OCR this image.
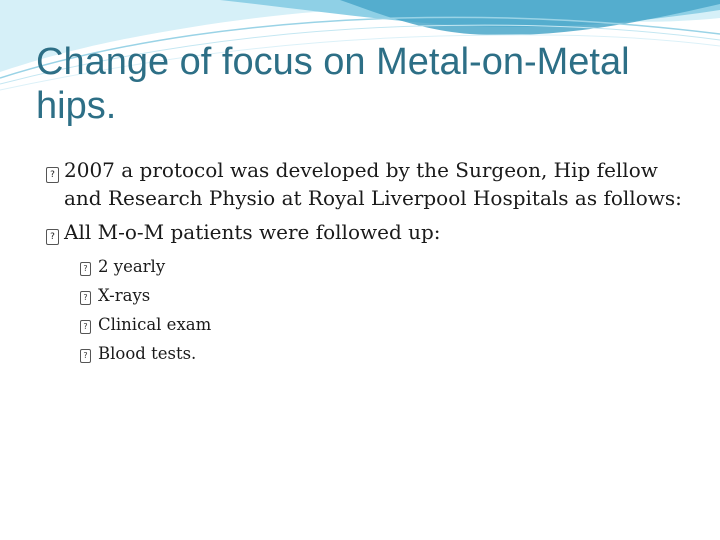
Change of focus on Metal-on-Metal hips.
? 2007 a protocol was developed by the Surgeon, Hip fellow and Research Physio at Royal Liverpool Hospitals as follows:
? All M-o-M patients were followed up:
? 2 yearly
? X-rays
? Clinical exam
? Blood tests.
